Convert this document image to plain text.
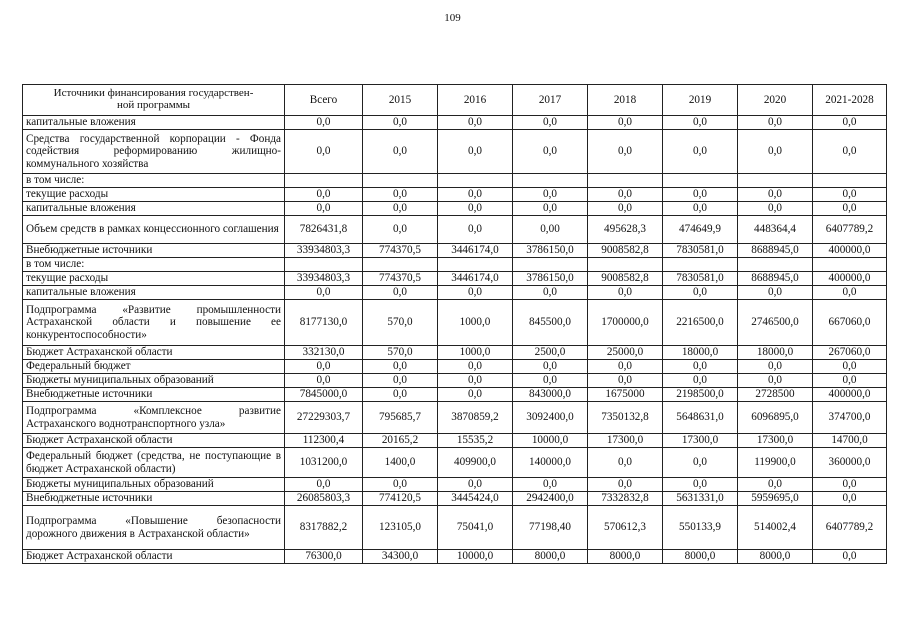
109
Источники финансирования государствен-
ной программы	Всего	2015	2016	2017	2018	2019	2020	2021-2028
капитальные вложения	0,0	0,0	0,0	0,0	0,0	0,0	0,0	0,0
Средства государственной корпорации - Фонда содействия реформированию жилищно-коммунального хозяйства	0,0	0,0	0,0	0,0	0,0	0,0	0,0	0,0
в том числе:								
текущие расходы	0,0	0,0	0,0	0,0	0,0	0,0	0,0	0,0
капитальные вложения	0,0	0,0	0,0	0,0	0,0	0,0	0,0	0,0
Объем средств в рамках концессионного соглашения	7826431,8	0,0	0,0	0,00	495628,3	474649,9	448364,4	6407789,2
Внебюджетные источники	33934803,3	774370,5	3446174,0	3786150,0	9008582,8	7830581,0	8688945,0	400000,0
в том числе:								
текущие расходы	33934803,3	774370,5	3446174,0	3786150,0	9008582,8	7830581,0	8688945,0	400000,0
капитальные вложения	0,0	0,0	0,0	0,0	0,0	0,0	0,0	0,0
Подпрограмма «Развитие промышленности Астраханской области и повышение ее конкурентоспособности»	8177130,0	570,0	1000,0	845500,0	1700000,0	2216500,0	2746500,0	667060,0
Бюджет Астраханской области	332130,0	570,0	1000,0	2500,0	25000,0	18000,0	18000,0	267060,0
Федеральный бюджет	0,0	0,0	0,0	0,0	0,0	0,0	0,0	0,0
Бюджеты муниципальных образований	0,0	0,0	0,0	0,0	0,0	0,0	0,0	0,0
Внебюджетные источники	7845000,0	0,0	0,0	843000,0	1675000	2198500,0	2728500	400000,0
Подпрограмма «Комплексное развитие Астраханского воднотранспортного узла»	27229303,7	795685,7	3870859,2	3092400,0	7350132,8	5648631,0	6096895,0	374700,0
Бюджет Астраханской области	112300,4	20165,2	15535,2	10000,0	17300,0	17300,0	17300,0	14700,0
Федеральный бюджет (средства, не поступающие в бюджет Астраханской области)	1031200,0	1400,0	409900,0	140000,0	0,0	0,0	119900,0	360000,0
Бюджеты муниципальных образований	0,0	0,0	0,0	0,0	0,0	0,0	0,0	0,0
Внебюджетные источники	26085803,3	774120,5	3445424,0	2942400,0	7332832,8	5631331,0	5959695,0	0,0
Подпрограмма «Повышение безопасности дорожного движения в Астраханской области»	8317882,2	123105,0	75041,0	77198,40	570612,3	550133,9	514002,4	6407789,2
Бюджет Астраханской области	76300,0	34300,0	10000,0	8000,0	8000,0	8000,0	8000,0	0,0
